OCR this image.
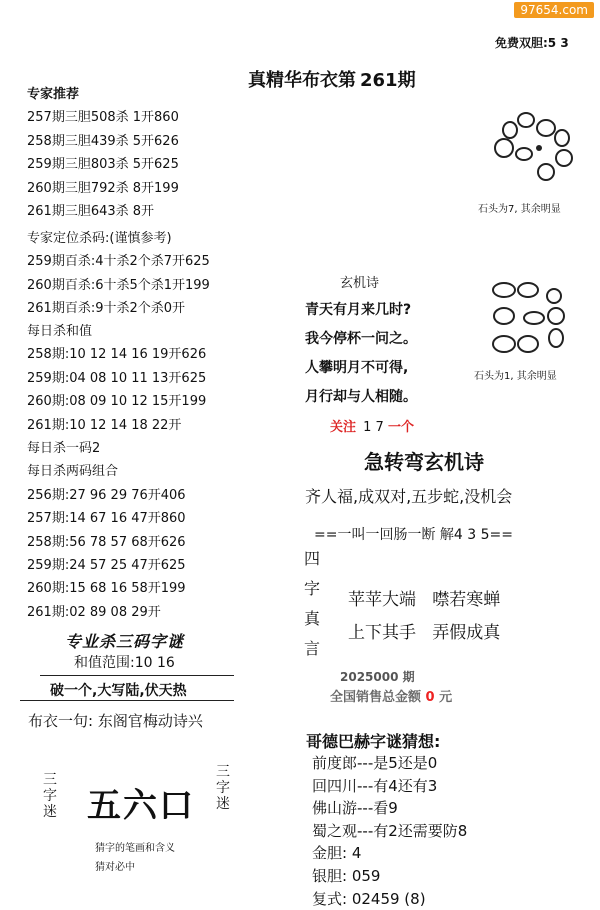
97654.com
免费双胆:5 3
真精华布衣第 261期
专家推荐
257期三胆508杀 1开860
258期三胆439杀 5开626
259期三胆803杀 5开625
260期三胆792杀 8开199
261期三胆643杀 8开
专家定位杀码:(谨慎参考)
259期百杀:4十杀2个杀7开625
260期百杀:6十杀5个杀1开199
261期百杀:9十杀2个杀0开
每日杀和值
258期:10 12 14 16 19开626
259期:04 08 10 11 13开625
260期:08 09 10 12 15开199
261期:10 12 14 18 22开
每日杀一码2
每日杀两码组合
256期:27 96 29 76开406
257期:14 67 16 47开860
258期:56 78 57 68开626
259期:24 57 25 47开625
260期:15 68 16 58开199
261期:02 89 08 29开
专业杀三码字谜
和值范围:10 16
破一个,大写陆,伏天热
布衣一句: 东阁官梅动诗兴
三
字
迷 五六口
三
字
迷
猜字的笔画和含义
猜对必中
石头为7, 其余明显
石头为1, 其余明显
玄机诗
青天有月来几时?
我今停杯一问之。
人攀明月不可得,
月行却与人相随。
关注 1 7 一个
急转弯玄机诗
齐人福,成双对,五步蛇,没机会
==一叫一回肠一断 解4 3 5==
四
字
真
言
苹苹大端   噤若寒蝉
上下其手   弄假成真
2025000 期
全国销售总金额 0 元
哥德巴赫字谜猜想:
前度郎---是5还是0
回四川---有4还有3
佛山游---看9
蜀之观---有2还需要防8
金胆: 4
银胆: 059
复式: 02459 (8)
